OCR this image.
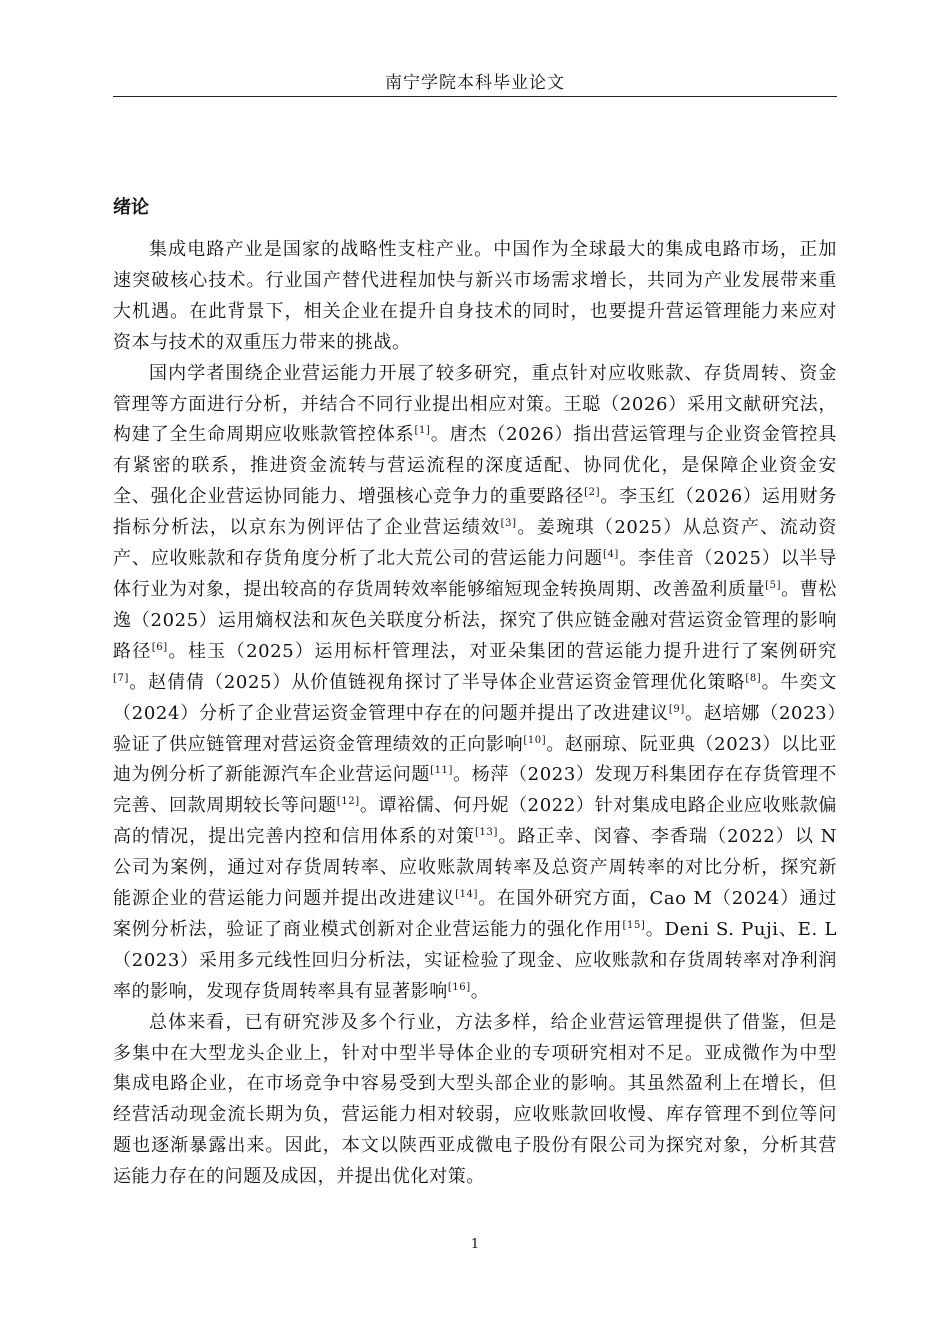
南宁学院本科毕业论文
绪论

集成电路产业是国家的战略性支柱产业。中国作为全球最大的集成电路市场，正加速突破核心技术。行业国产替代进程加快与新兴市场需求增长，共同为产业发展带来重大机遇。在此背景下，相关企业在提升自身技术的同时，也要提升营运管理能力来应对资本与技术的双重压力带来的挑战。

国内学者围绕企业营运能力开展了较多研究，重点针对应收账款、存货周转、资金管理等方面进行分析，并结合不同行业提出相应对策。王聪（2026）采用文献研究法，构建了全生命周期应收账款管控体系[1]。唐杰（2026）指出营运管理与企业资金管控具有紧密的联系，推进资金流转与营运流程的深度适配、协同优化，是保障企业资金安全、强化企业营运协同能力、增强核心竞争力的重要路径[2]。李玉红（2026）运用财务指标分析法，以京东为例评估了企业营运绩效[3]。姜琬琪（2025）从总资产、流动资产、应收账款和存货角度分析了北大荒公司的营运能力问题[4]。李佳音（2025）以半导体行业为对象，提出较高的存货周转效率能够缩短现金转换周期、改善盈利质量[5]。曹松逸（2025）运用熵权法和灰色关联度分析法，探究了供应链金融对营运资金管理的影响路径[6]。桂玉（2025）运用标杆管理法，对亚朵集团的营运能力提升进行了案例研究[7]。赵倩倩（2025）从价值链视角探讨了半导体企业营运资金管理优化策略[8]。牛奕文（2024）分析了企业营运资金管理中存在的问题并提出了改进建议[9]。赵培娜（2023）验证了供应链管理对营运资金管理绩效的正向影响[10]。赵丽琼、阮亚典（2023）以比亚迪为例分析了新能源汽车企业营运问题[11]。杨萍（2023）发现万科集团存在存货管理不完善、回款周期较长等问题[12]。谭裕儒、何丹妮（2022）针对集成电路企业应收账款偏高的情况，提出完善内控和信用体系的对策[13]。路正幸、闵睿、李香瑞（2022）以 N 公司为案例，通过对存货周转率、应收账款周转率及总资产周转率的对比分析，探究新能源企业的营运能力问题并提出改进建议[14]。在国外研究方面，Cao M（2024）通过案例分析法，验证了商业模式创新对企业营运能力的强化作用[15]。Deni S. Puji、E. L（2023）采用多元线性回归分析法，实证检验了现金、应收账款和存货周转率对净利润率的影响，发现存货周转率具有显著影响[16]。

总体来看，已有研究涉及多个行业，方法多样，给企业营运管理提供了借鉴，但是多集中在大型龙头企业上，针对中型半导体企业的专项研究相对不足。亚成微作为中型集成电路企业，在市场竞争中容易受到大型头部企业的影响。其虽然盈利上在增长，但经营活动现金流长期为负，营运能力相对较弱，应收账款回收慢、库存管理不到位等问题也逐渐暴露出来。因此，本文以陕西亚成微电子股份有限公司为探究对象，分析其营运能力存在的问题及成因，并提出优化对策。

1
